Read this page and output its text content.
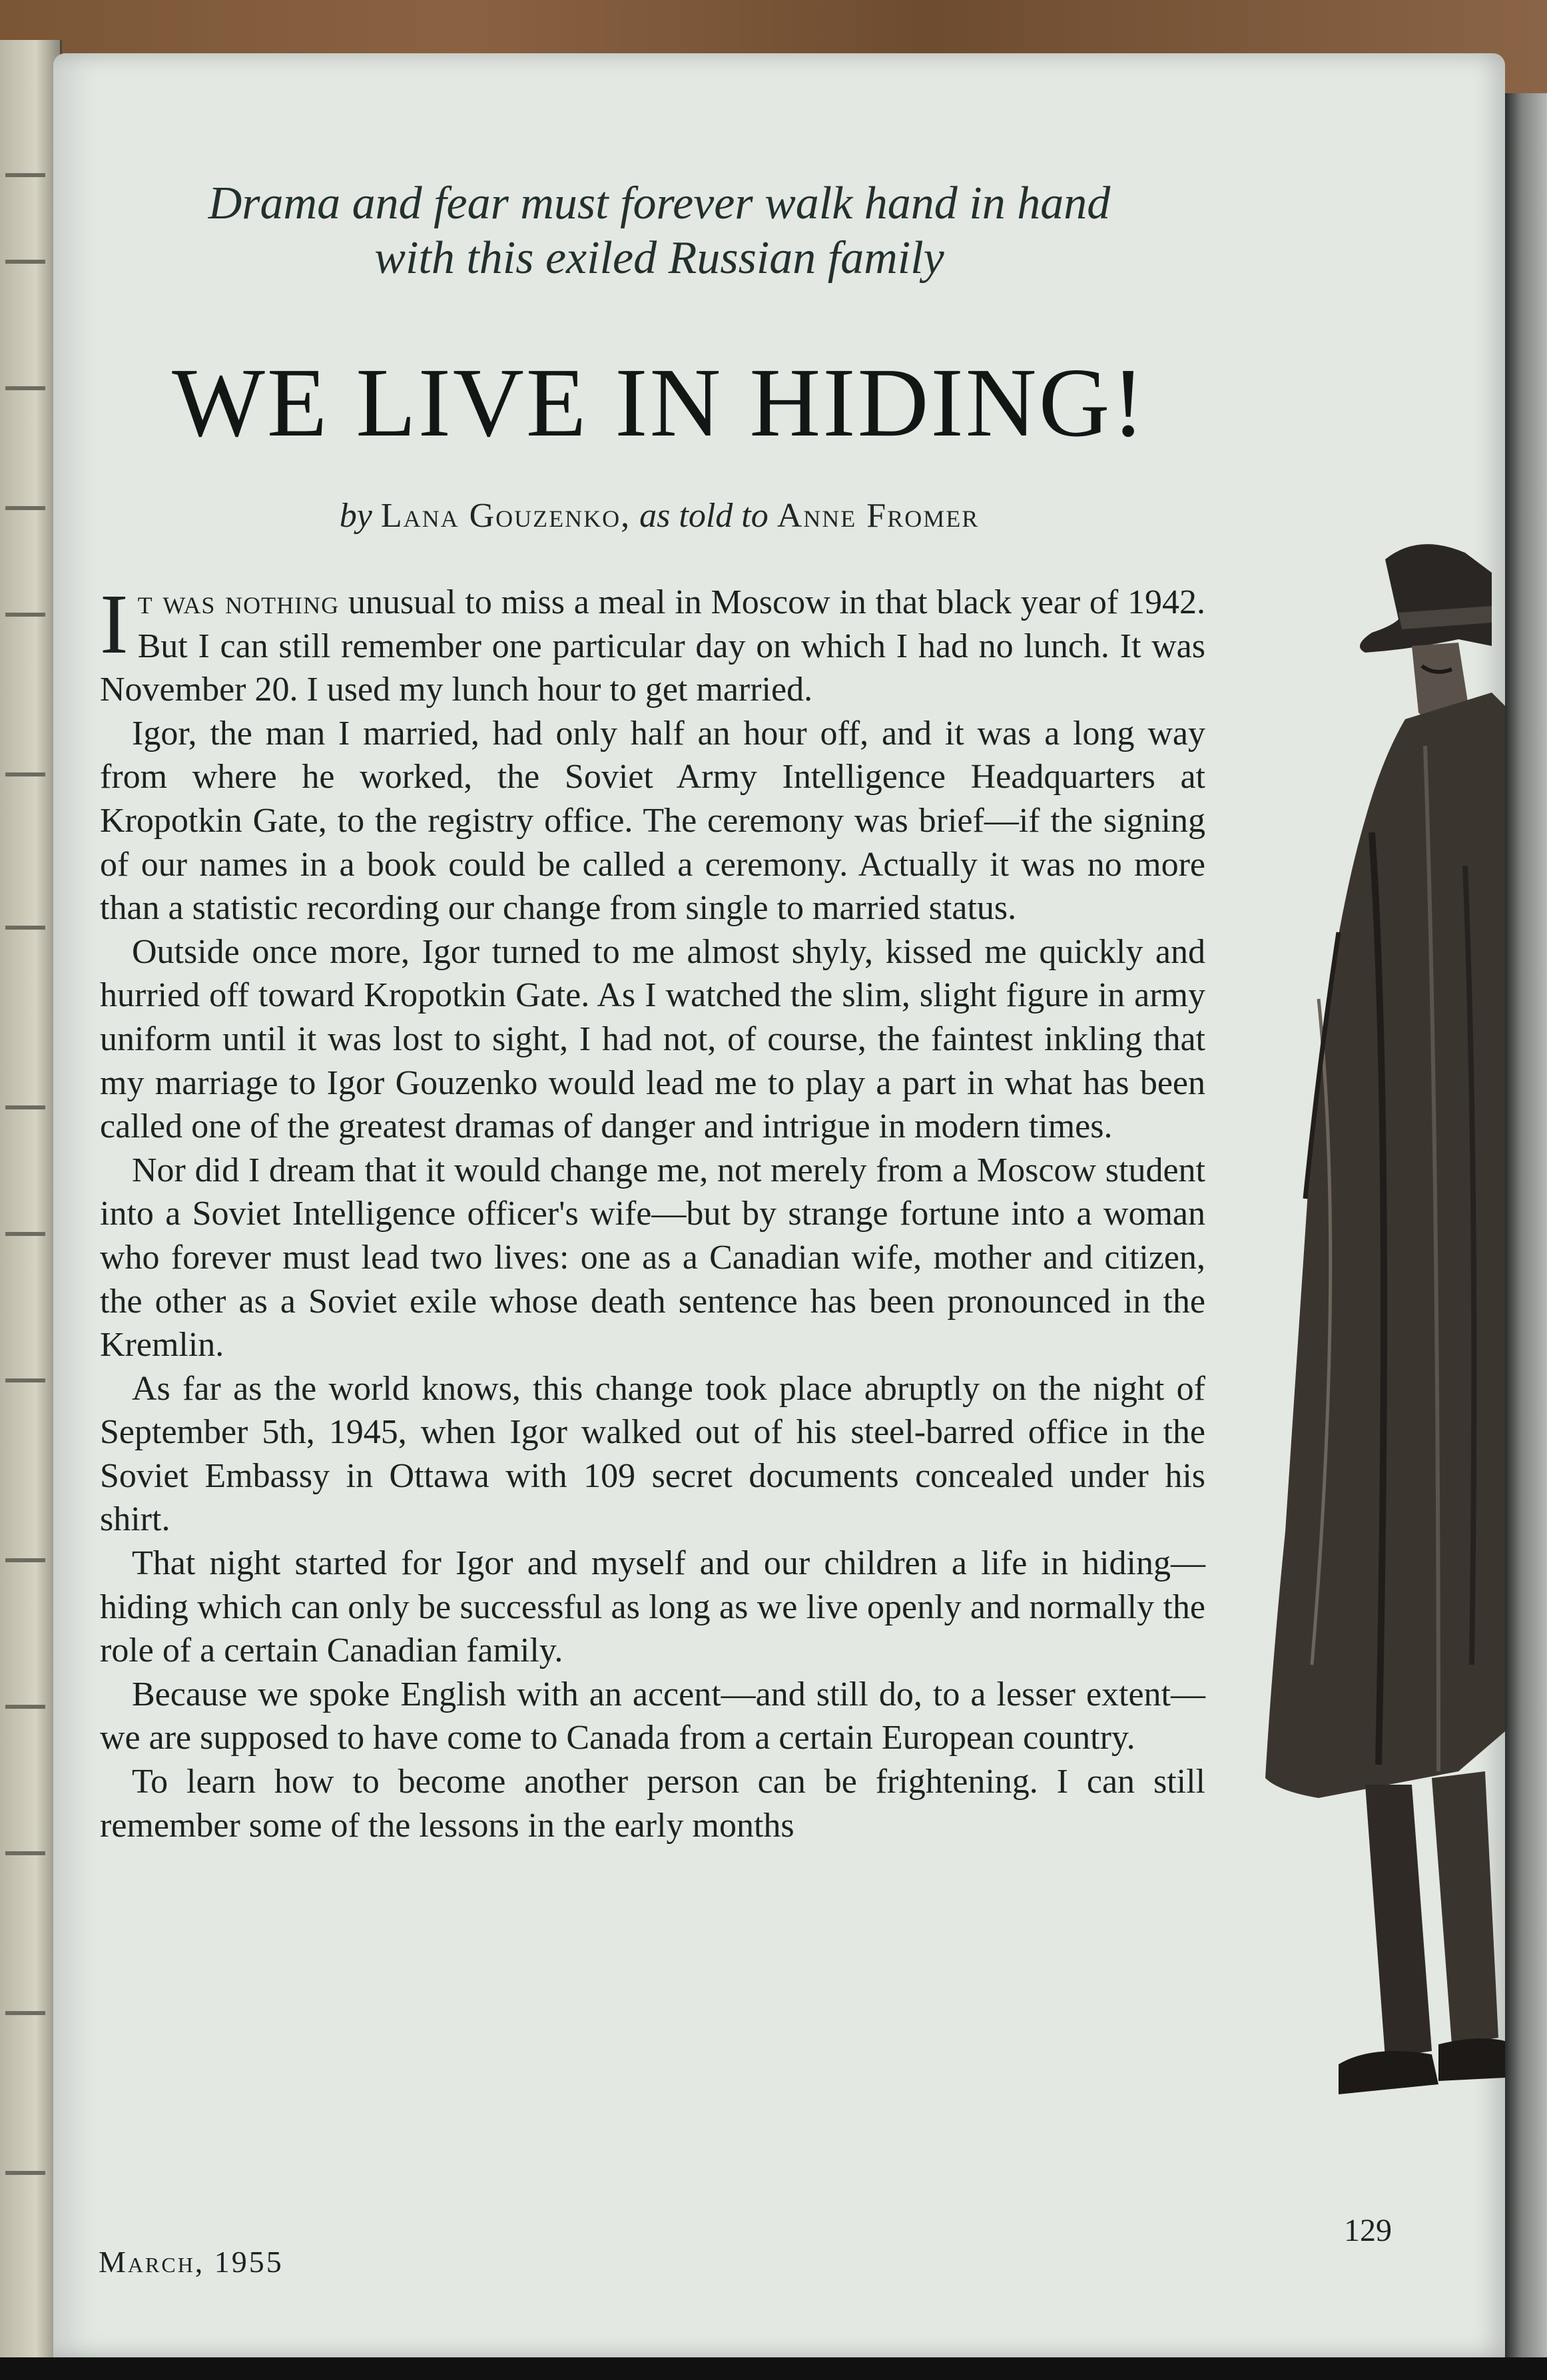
Drama and fear must forever walk hand in hand
with this exiled Russian family
WE LIVE IN HIDING!
by Lana Gouzenko, as told to Anne Fromer

It was nothing unusual to miss a meal in Moscow in that black year of 1942. But I can still remember one particular day on which I had no lunch. It was November 20. I used my lunch hour to get married.

Igor, the man I married, had only half an hour off, and it was a long way from where he worked, the Soviet Army Intelligence Headquarters at Kropotkin Gate, to the registry office. The ceremony was brief—if the signing of our names in a book could be called a ceremony. Actually it was no more than a statistic recording our change from single to married status.

Outside once more, Igor turned to me almost shyly, kissed me quickly and hurried off toward Kropotkin Gate. As I watched the slim, slight figure in army uniform until it was lost to sight, I had not, of course, the faintest inkling that my marriage to Igor Gouzenko would lead me to play a part in what has been called one of the greatest dramas of danger and intrigue in modern times.

Nor did I dream that it would change me, not merely from a Moscow student into a Soviet Intelligence officer's wife—but by strange fortune into a woman who forever must lead two lives: one as a Canadian wife, mother and citizen, the other as a Soviet exile whose death sentence has been pronounced in the Kremlin.

As far as the world knows, this change took place abruptly on the night of September 5th, 1945, when Igor walked out of his steel-barred office in the Soviet Embassy in Ottawa with 109 secret documents concealed under his shirt.

That night started for Igor and myself and our children a life in hiding—hiding which can only be successful as long as we live openly and normally the role of a certain Canadian family.

Because we spoke English with an accent—and still do, to a lesser extent—we are supposed to have come to Canada from a certain European country.

To learn how to become another person can be frightening. I can still remember some of the lessons in the early months

March, 1955
129
